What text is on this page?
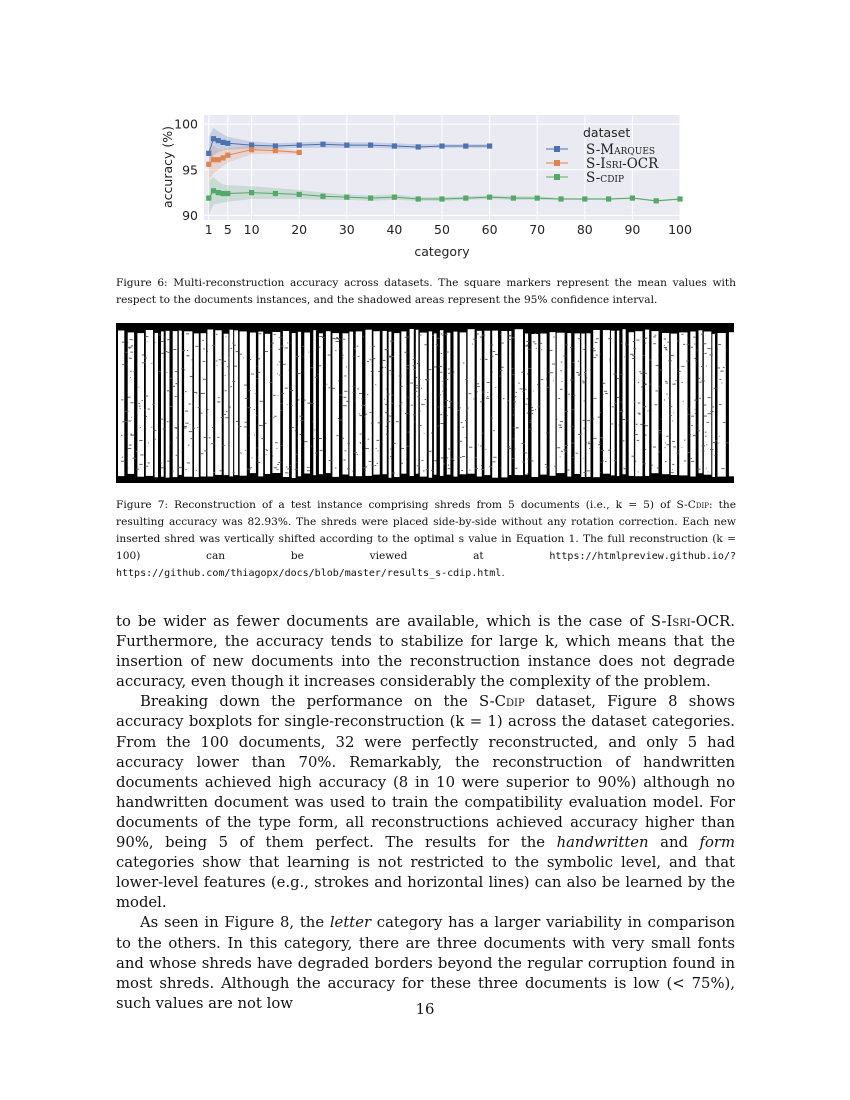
1 5 10	20	30	40	50	60	70	80	90 100
90
95
100
category
accuracy (%)	dataset
S-Marques
S-Isri-OCR
S-cdip
Figure 6: Multi-reconstruction accuracy across datasets. The square markers represent the mean values with respect to the documents instances, and the shadowed areas represent the 95% confidence interval.
Figure 7: Reconstruction of a test instance comprising shreds from 5 documents (i.e., k = 5) of S-Cdip: the resulting accuracy was 82.93%. The shreds were placed side-by-side without any rotation correction. Each new inserted shred was vertically shifted according to the optimal s value in Equation 1. The full reconstruction (k = 100) can be viewed at https://htmlpreview.github.io/?https://github.com/thiagopx/docs/blob/master/results_s-cdip.html.

to be wider as fewer documents are available, which is the case of S-Isri-OCR. Furthermore, the accuracy tends to stabilize for large k, which means that the insertion of new documents into the reconstruction instance does not degrade accuracy, even though it increases considerably the complexity of the problem.

Breaking down the performance on the S-Cdip dataset, Figure 8 shows accuracy boxplots for single-reconstruction (k = 1) across the dataset categories. From the 100 documents, 32 were perfectly reconstructed, and only 5 had accuracy lower than 70%. Remarkably, the reconstruction of handwritten documents achieved high accuracy (8 in 10 were superior to 90%) although no handwritten document was used to train the compatibility evaluation model. For documents of the type form, all reconstructions achieved accuracy higher than 90%, being 5 of them perfect. The results for the handwritten and form categories show that learning is not restricted to the symbolic level, and that lower-level features (e.g., strokes and horizontal lines) can also be learned by the model.

As seen in Figure 8, the letter category has a larger variability in comparison to the others. In this category, there are three documents with very small fonts and whose shreds have degraded borders beyond the regular corruption found in most shreds. Although the accuracy for these three documents is low (< 75%), such values are not low	16
